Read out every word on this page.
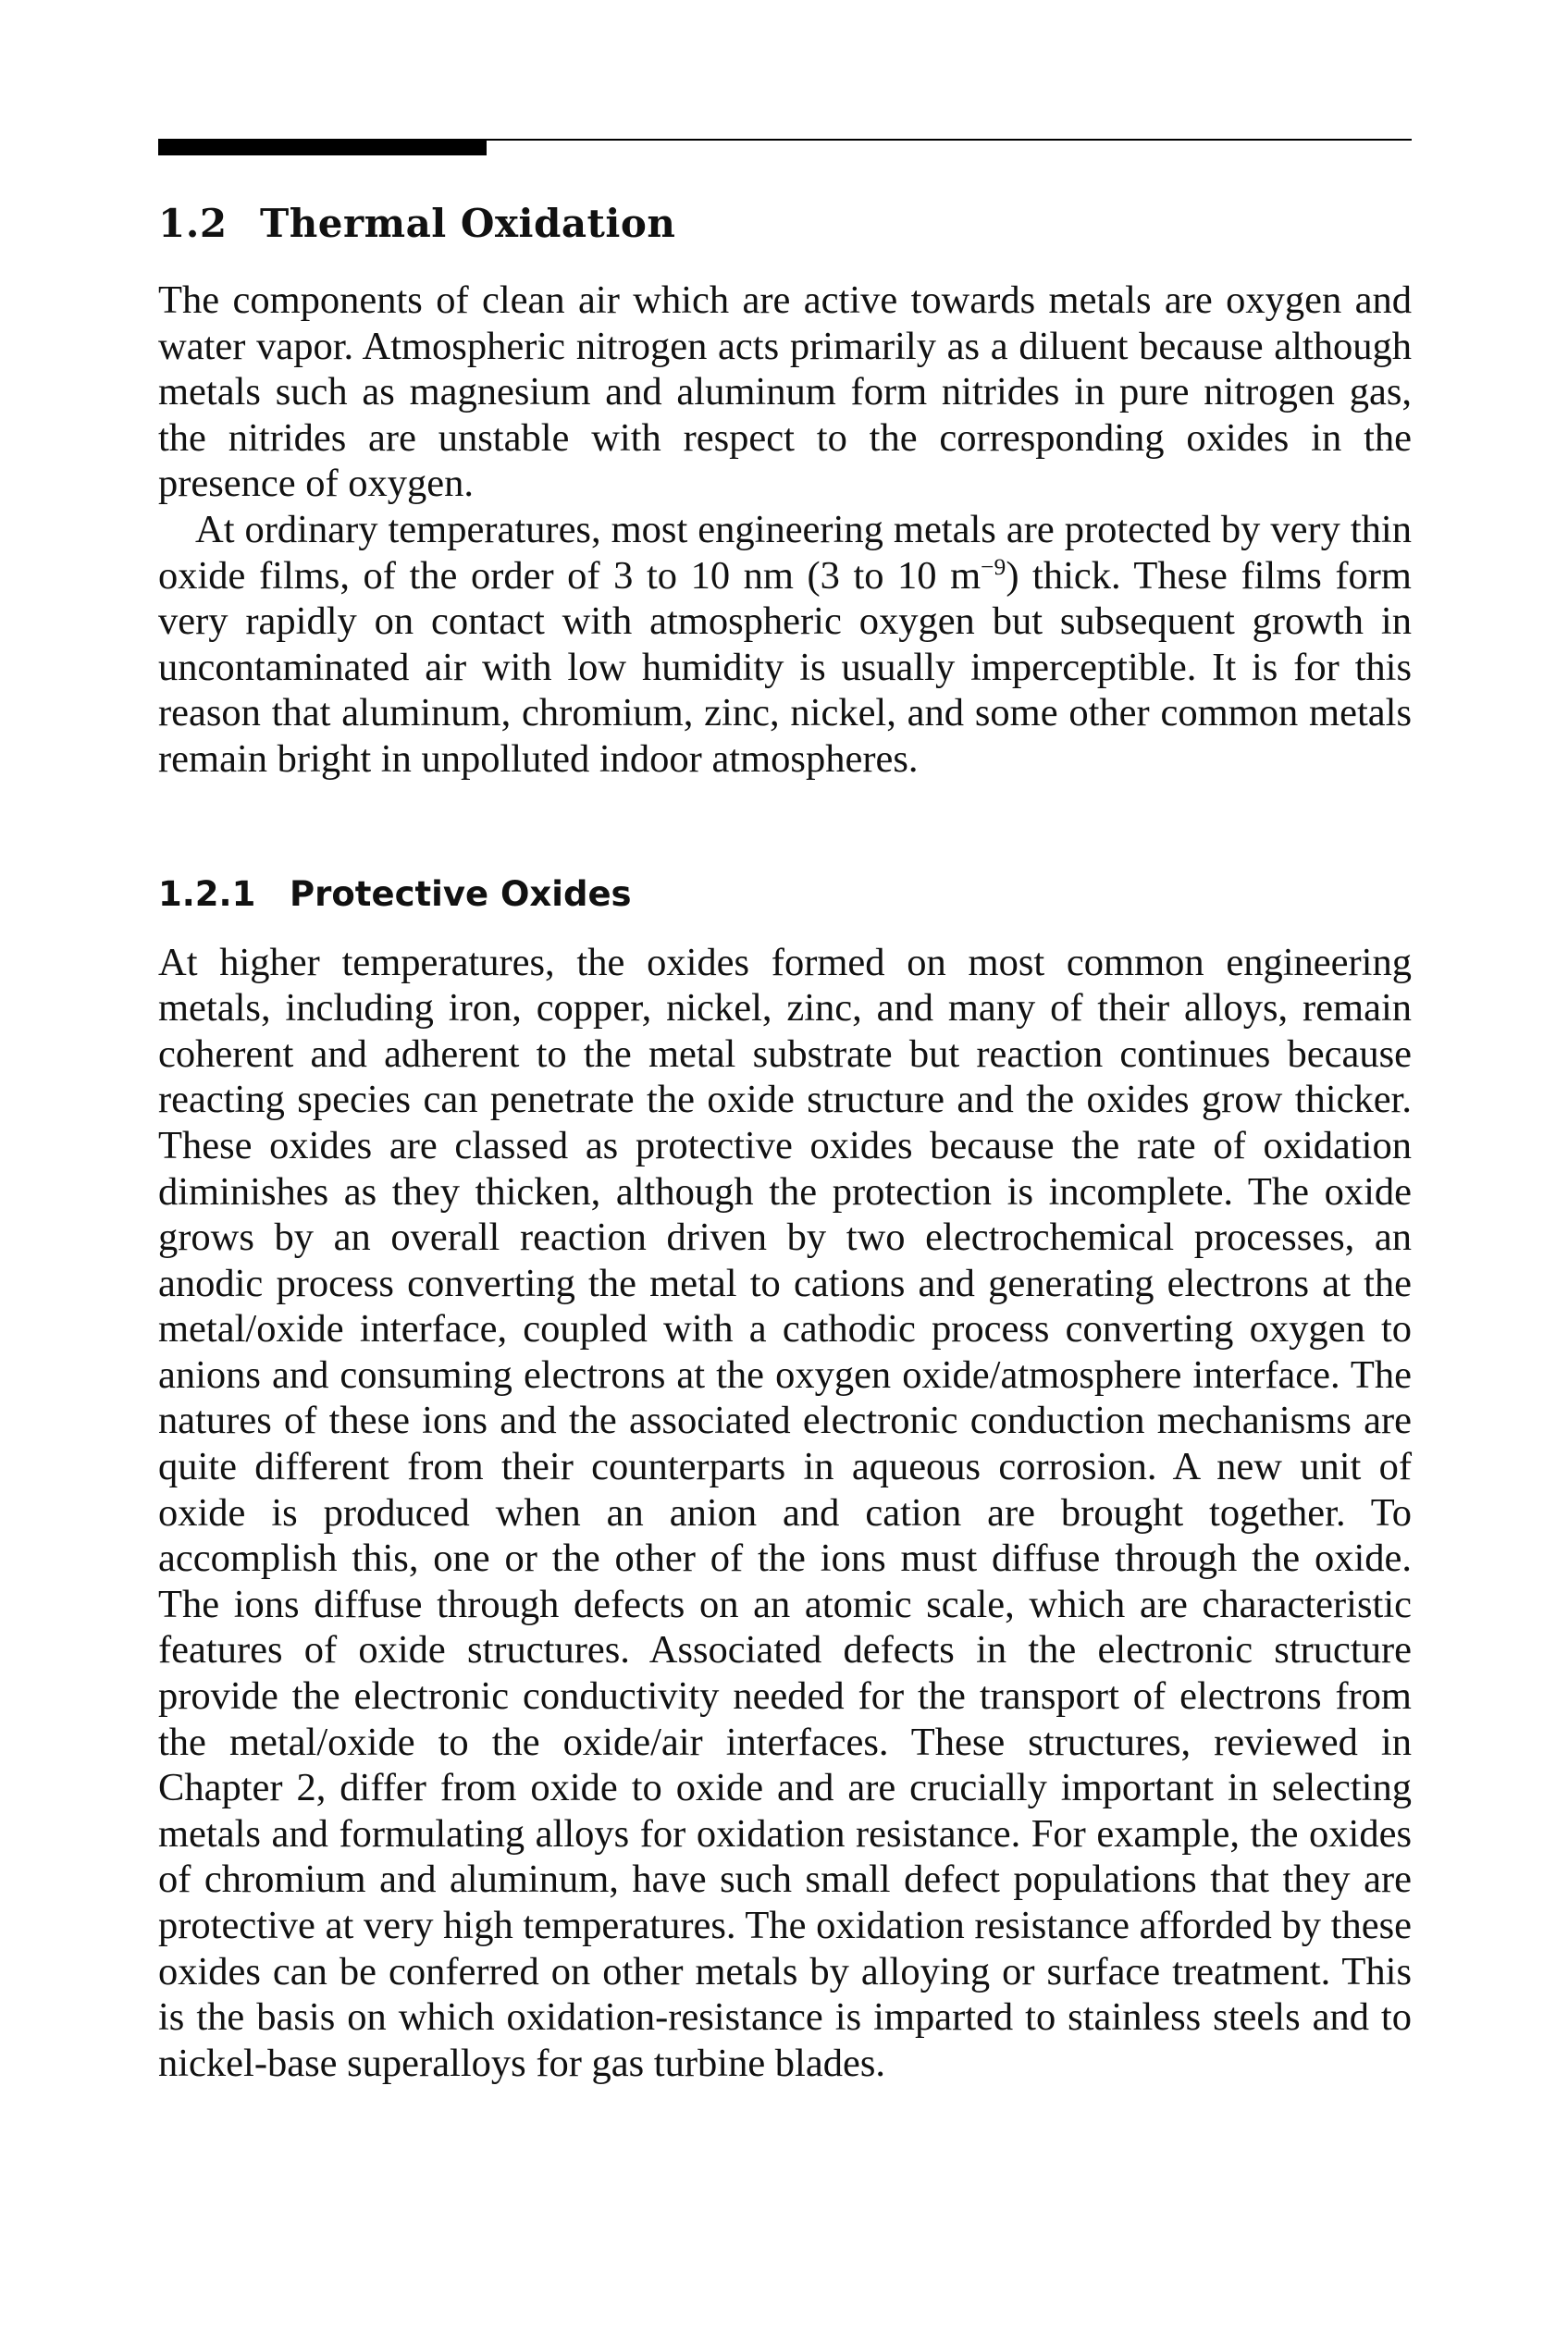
1.2 Thermal Oxidation

The components of clean air which are active towards metals are oxygen and water vapor. Atmospheric nitrogen acts primarily as a diluent because although metals such as magnesium and aluminum form nitrides in pure nitrogen gas, the nitrides are unstable with respect to the corresponding oxides in the presence of oxygen.

At ordinary temperatures, most engineering metals are protected by very thin oxide films, of the order of 3 to 10 nm (3 to 10 $m^{-9}$) thick. These films form very rapidly on contact with atmospheric oxygen but subsequent growth in uncontaminated air with low humidity is usually imperceptible. It is for this reason that aluminum, chromium, zinc, nickel, and some other common metals remain bright in unpolluted indoor atmospheres.

1.2.1 Protective Oxides

At higher temperatures, the oxides formed on most common engineering metals, including iron, copper, nickel, zinc, and many of their alloys, remain coherent and adherent to the metal substrate but reaction continues because reacting species can penetrate the oxide structure and the oxides grow thicker. These oxides are classed as protective oxides because the rate of oxidation diminishes as they thicken, although the protection is incomplete. The oxide grows by an overall reaction driven by two electrochemical processes, an anodic process converting the metal to cations and generating electrons at the metal/oxide interface, coupled with a cathodic process converting oxygen to anions and consuming electrons at the oxygen oxide/atmosphere interface. The natures of these ions and the associated electronic conduction mechanisms are quite different from their counterparts in aqueous corrosion. A new unit of oxide is produced when an anion and cation are brought together. To accomplish this, one or the other of the ions must diffuse through the oxide. The ions diffuse through defects on an atomic scale, which are characteristic features of oxide structures. Associated defects in the electronic structure provide the electronic conductivity needed for the transport of electrons from the metal/oxide to the oxide/air interfaces. These structures, reviewed in Chapter 2, differ from oxide to oxide and are crucially important in selecting metals and formulating alloys for oxidation resistance. For example, the oxides of chromium and aluminum, have such small defect populations that they are protective at very high temperatures. The oxidation resistance afforded by these oxides can be conferred on other metals by alloying or surface treatment. This is the basis on which oxidation-resistance is imparted to stainless steels and to nickel-base superalloys for gas turbine blades.
